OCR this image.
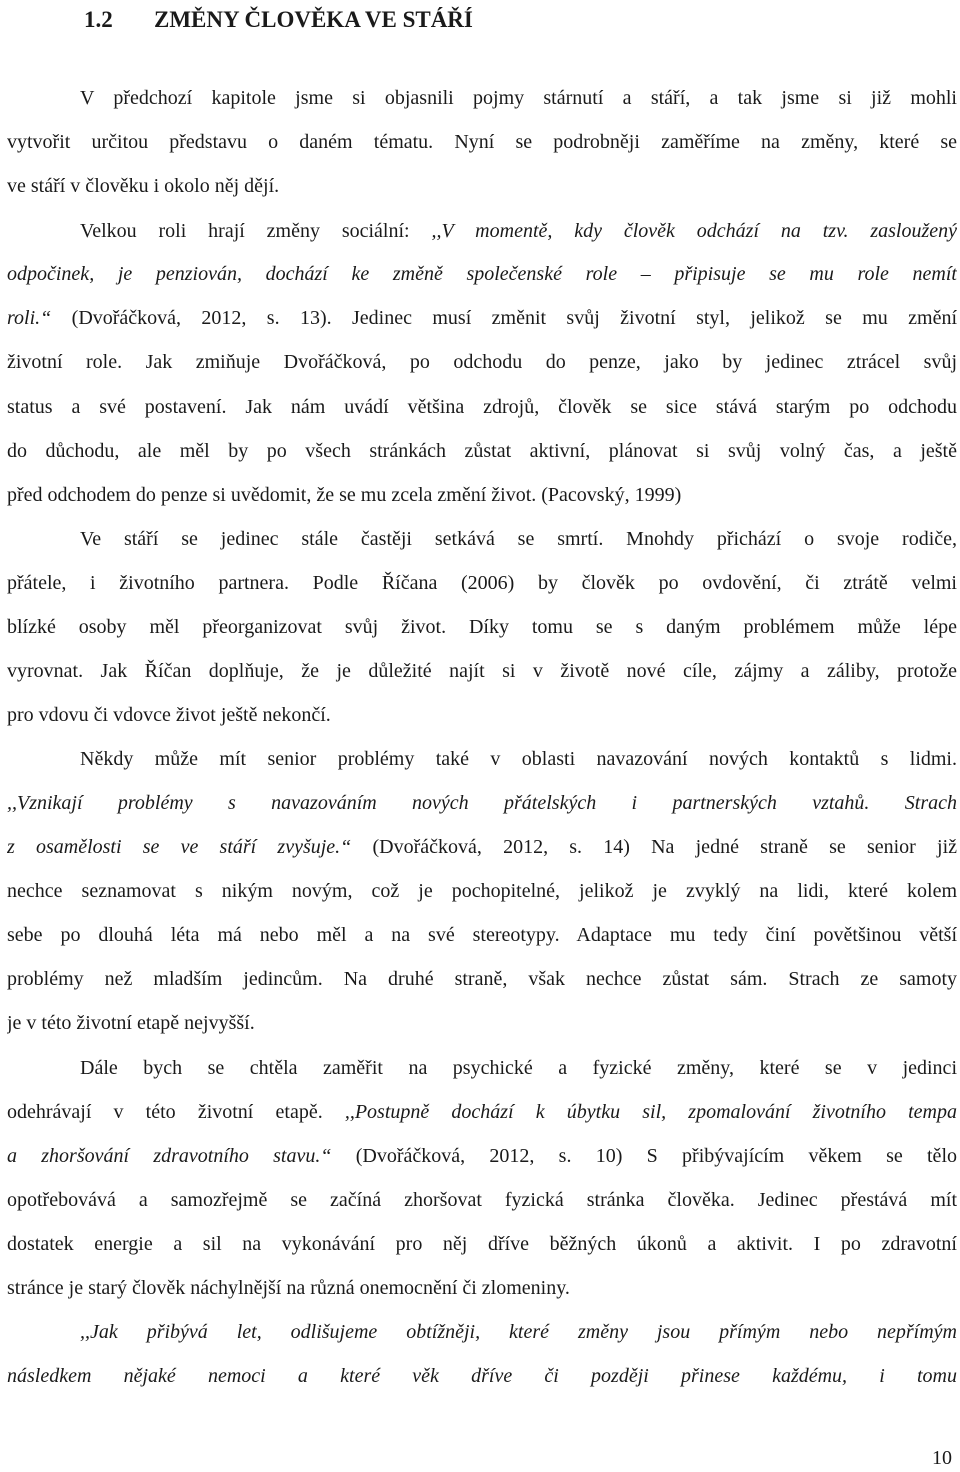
1.2 ZMĚNY ČLOVĚKA VE STÁŘÍ
V předchozí kapitole jsme si objasnili pojmy stárnutí a stáří, a tak jsme si již mohli
vytvořit určitou představu o daném tématu. Nyní se podrobněji zaměříme na změny, které se
ve stáří v člověku i okolo něj dějí.
Velkou roli hrají změny sociální: ,,V momentě, kdy člověk odchází na tzv. zasloužený
odpočinek, je penziován, dochází ke změně společenské role – připisuje se mu role nemít
roli.“ (Dvořáčková, 2012, s. 13). Jedinec musí změnit svůj životní styl, jelikož se mu změní
životní role. Jak zmiňuje Dvořáčková, po odchodu do penze, jako by jedinec ztrácel svůj
status a své postavení. Jak nám uvádí většina zdrojů, člověk se sice stává starým po odchodu
do důchodu, ale měl by po všech stránkách zůstat aktivní, plánovat si svůj volný čas, a ještě
před odchodem do penze si uvědomit, že se mu zcela změní život. (Pacovský, 1999)
Ve stáří se jedinec stále častěji setkává se smrtí. Mnohdy přichází o svoje rodiče,
přátele, i životního partnera. Podle Říčana (2006) by člověk po ovdovění, či ztrátě velmi
blízké osoby měl přeorganizovat svůj život. Díky tomu se s daným problémem může lépe
vyrovnat. Jak Říčan doplňuje, že je důležité najít si v životě nové cíle, zájmy a záliby, protože
pro vdovu či vdovce život ještě nekončí.
Někdy může mít senior problémy také v oblasti navazování nových kontaktů s lidmi.
,,Vznikají problémy s navazováním nových přátelských i partnerských vztahů. Strach
z osamělosti se ve stáří zvyšuje.“ (Dvořáčková, 2012, s. 14) Na jedné straně se senior již
nechce seznamovat s nikým novým, což je pochopitelné, jelikož je zvyklý na lidi, které kolem
sebe po dlouhá léta má nebo měl a na své stereotypy. Adaptace mu tedy činí povětšinou větší
problémy než mladším jedincům. Na druhé straně, však nechce zůstat sám. Strach ze samoty
je v této životní etapě nejvyšší.
Dále bych se chtěla zaměřit na psychické a fyzické změny, které se v jedinci
odehrávají v této životní etapě. ,,Postupně dochází k úbytku sil, zpomalování životního tempa
a zhoršování zdravotního stavu.“ (Dvořáčková, 2012, s. 10) S přibývajícím věkem se tělo
opotřebovává a samozřejmě se začíná zhoršovat fyzická stránka člověka. Jedinec přestává mít
dostatek energie a sil na vykonávání pro něj dříve běžných úkonů a aktivit. I po zdravotní
stránce je starý člověk náchylnější na různá onemocnění či zlomeniny.
,,Jak přibývá let, odlišujeme obtížněji, které změny jsou přímým nebo nepřímým
následkem nějaké nemoci a které věk dříve či později přinese každému, i tomu
10
